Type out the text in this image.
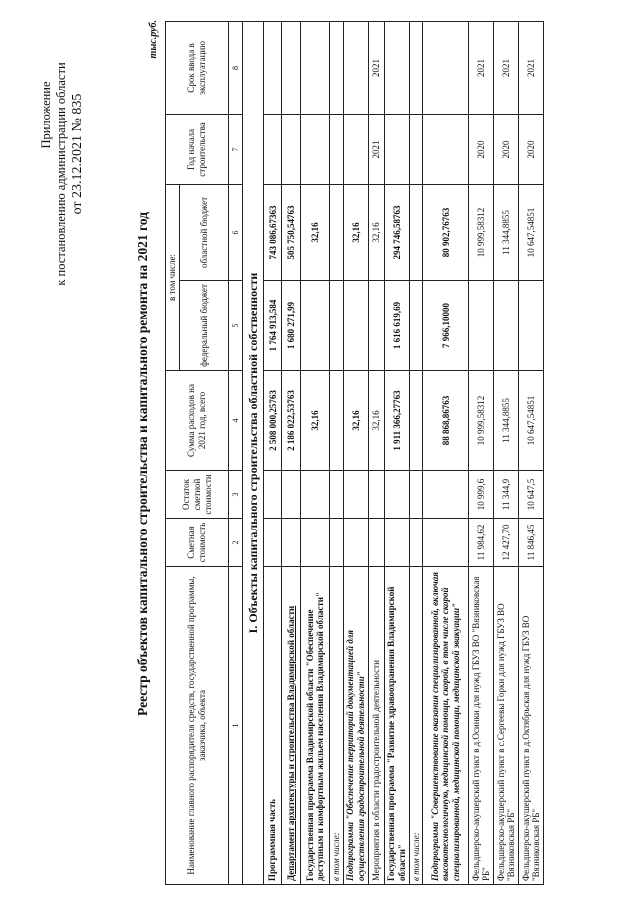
Приложение к постановлению администрации области от 23.12.2021 № 835
Реестр объектов капитального строительства и капитального ремонта на 2021 год
тыс.руб.
Наименование главного распорядителя средств, государственной программы, заказчика, объекта	Сметная стоимость	Остаток сметной стоимости	Сумма расходов на 2021 год, всего	в том числе:		Год начала строительства	Срок ввода в эксплуатацию
				федеральный бюджет	областной бюджет		
1	2	3	4	5	6	7	8
I. Объекты капитального строительства областной собственности							
Программная часть			2 508 000,25763	1 764 913,584	743 086,67363		
Департамент архитектуры и строительства Владимирской области			2 186 022,53763	1 680 271,99	505 750,54763		
Государственная программа Владимирской области "Обеспечение доступным и комфортным жильем населения Владимирской области"			32,16		32,16		
в том числе:							
Подпрограмма "Обеспечение территорий документацией для осуществления градостроительной деятельности"			32,16		32,16		
Мероприятия в области градостроительной деятельности			32,16		32,16	2021	2021
Государственная программа "Развитие здравоохранения Владимирской области"			1 911 366,27763	1 616 619,69	294 746,58763		
в том числе:							
Подпрограмма "Совершенствование оказания специализированной, включая высокотехнологичную, медицинской помощи, скорой, в том числе скорой специализированной, медицинской помощи, медицинской эвакуации"			88 868,86763	7 966,10000	80 902,76763		
Фельдшерско-акушерский пункт в д.Осинки для нужд ГБУЗ ВО "Вязниковская РБ"	11 984,62	10 999,6	10 999,58312		10 999,58312	2020	2021
Фельдшерско-акушерский пункт в с.Сергеевы Горки для нужд ГБУЗ ВО "Вязниковская РБ"	12 427,70	11 344,9	11 344,8855		11 344,8855	2020	2021
Фельдшерско-акушерский пункт в д.Октябрьская для нужд ГБУЗ ВО "Вязниковская РБ"	11 846,45	10 647,5	10 647,54851		10 647,54851	2020	2021
